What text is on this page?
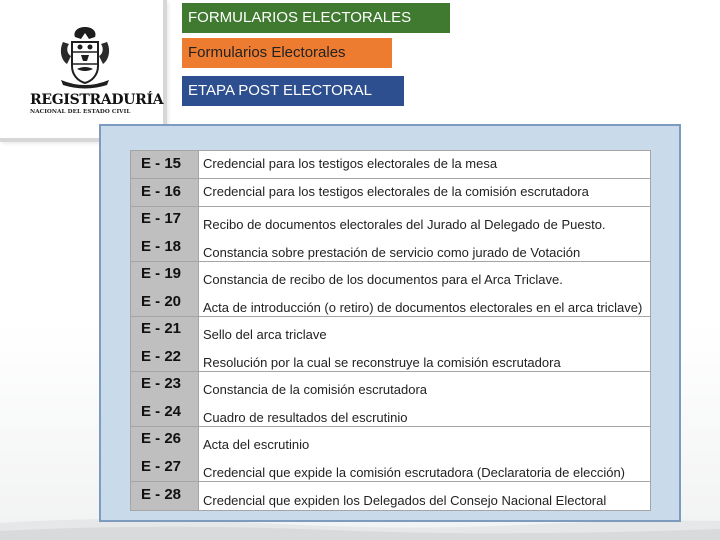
REGISTRADURÍA
NACIONAL DEL ESTADO CIVIL
FORMULARIOS ELECTORALES
Formularios Electorales
ETAPA POST ELECTORAL
E - 15	Credencial para los testigos electorales de la mesa
E - 16	Credencial para los testigos electorales de la comisión escrutadora
E - 17	Recibo de documentos electorales del Jurado al Delegado de Puesto.
E - 18	Constancia sobre prestación de servicio como jurado de Votación
E - 19	Constancia de recibo de los documentos para el Arca Triclave.
E - 20	Acta de introducción (o retiro) de documentos electorales en el arca triclave)
E - 21	Sello del arca triclave
E - 22	Resolución por la cual se reconstruye la comisión escrutadora
E - 23	Constancia de la comisión escrutadora
E - 24	Cuadro de resultados del escrutinio
E - 26	Acta del escrutinio
E - 27	Credencial que expide la comisión escrutadora (Declaratoria de elección)
E - 28	Credencial que expiden los Delegados del Consejo Nacional Electoral
